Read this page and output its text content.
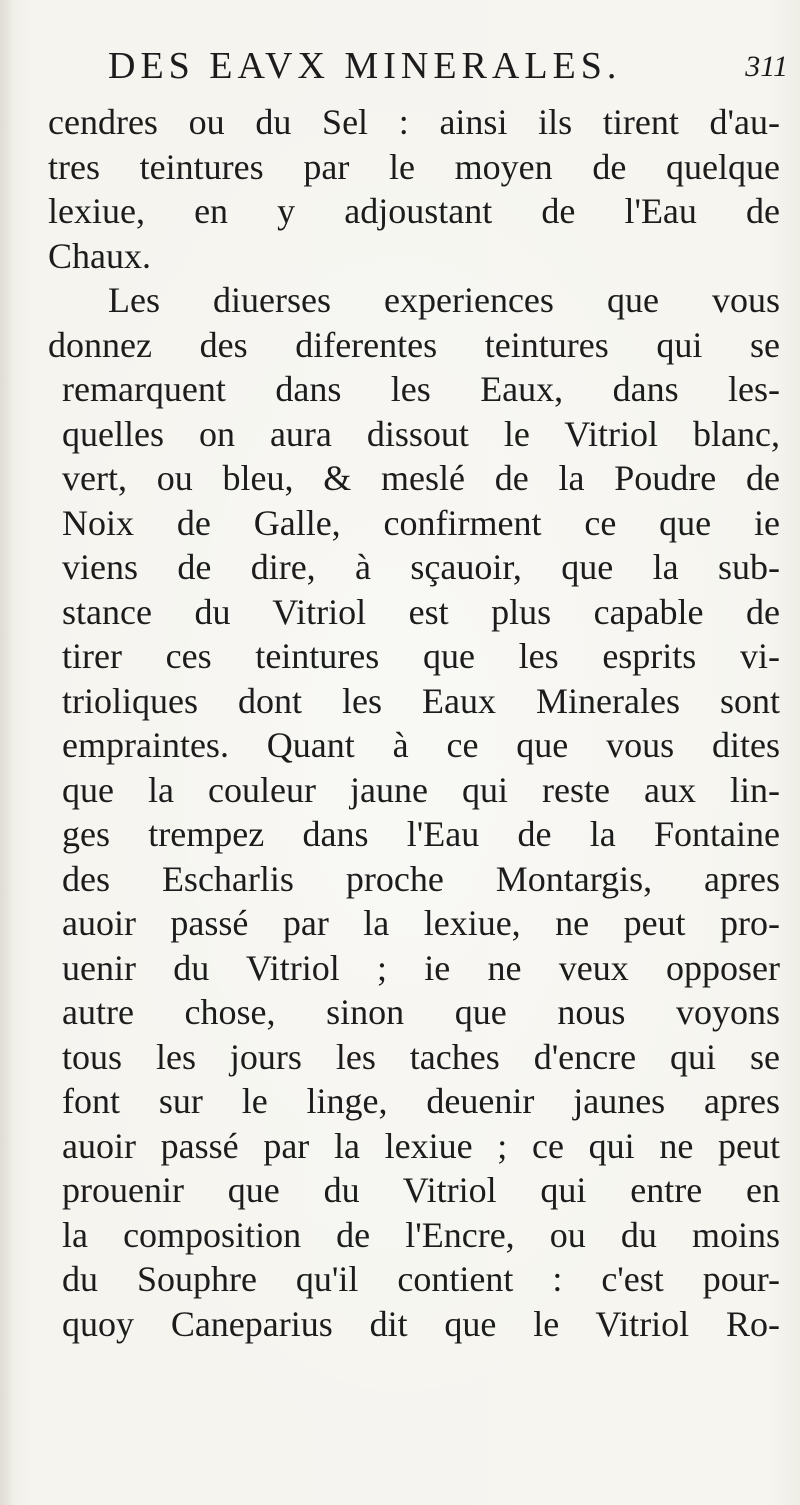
DES EAVX MINERALES.	311
cendres ou du Sel : ainsi ils tirent d'au-
tres teintures par le moyen de quelque
lexiue, en y adjoustant de l'Eau de
Chaux.
Les diuerses experiences que vous
donnez des diferentes teintures qui se
remarquent dans les Eaux, dans les-
quelles on aura dissout le Vitriol blanc,
vert, ou bleu, & meslé de la Poudre de
Noix de Galle, confirment ce que ie
viens de dire, à sçauoir, que la sub-
stance du Vitriol est plus capable de
tirer ces teintures que les esprits vi-
trioliques dont les Eaux Minerales sont
empraintes. Quant à ce que vous dites
que la couleur jaune qui reste aux lin-
ges trempez dans l'Eau de la Fontaine
des Escharlis proche Montargis, apres
auoir passé par la lexiue, ne peut pro-
uenir du Vitriol ; ie ne veux opposer
autre chose, sinon que nous voyons
tous les jours les taches d'encre qui se
font sur le linge, deuenir jaunes apres
auoir passé par la lexiue ; ce qui ne peut
prouenir que du Vitriol qui entre en
la composition de l'Encre, ou du moins
du Souphre qu'il contient : c'est pour-
quoy Caneparius dit que le Vitriol Ro-
